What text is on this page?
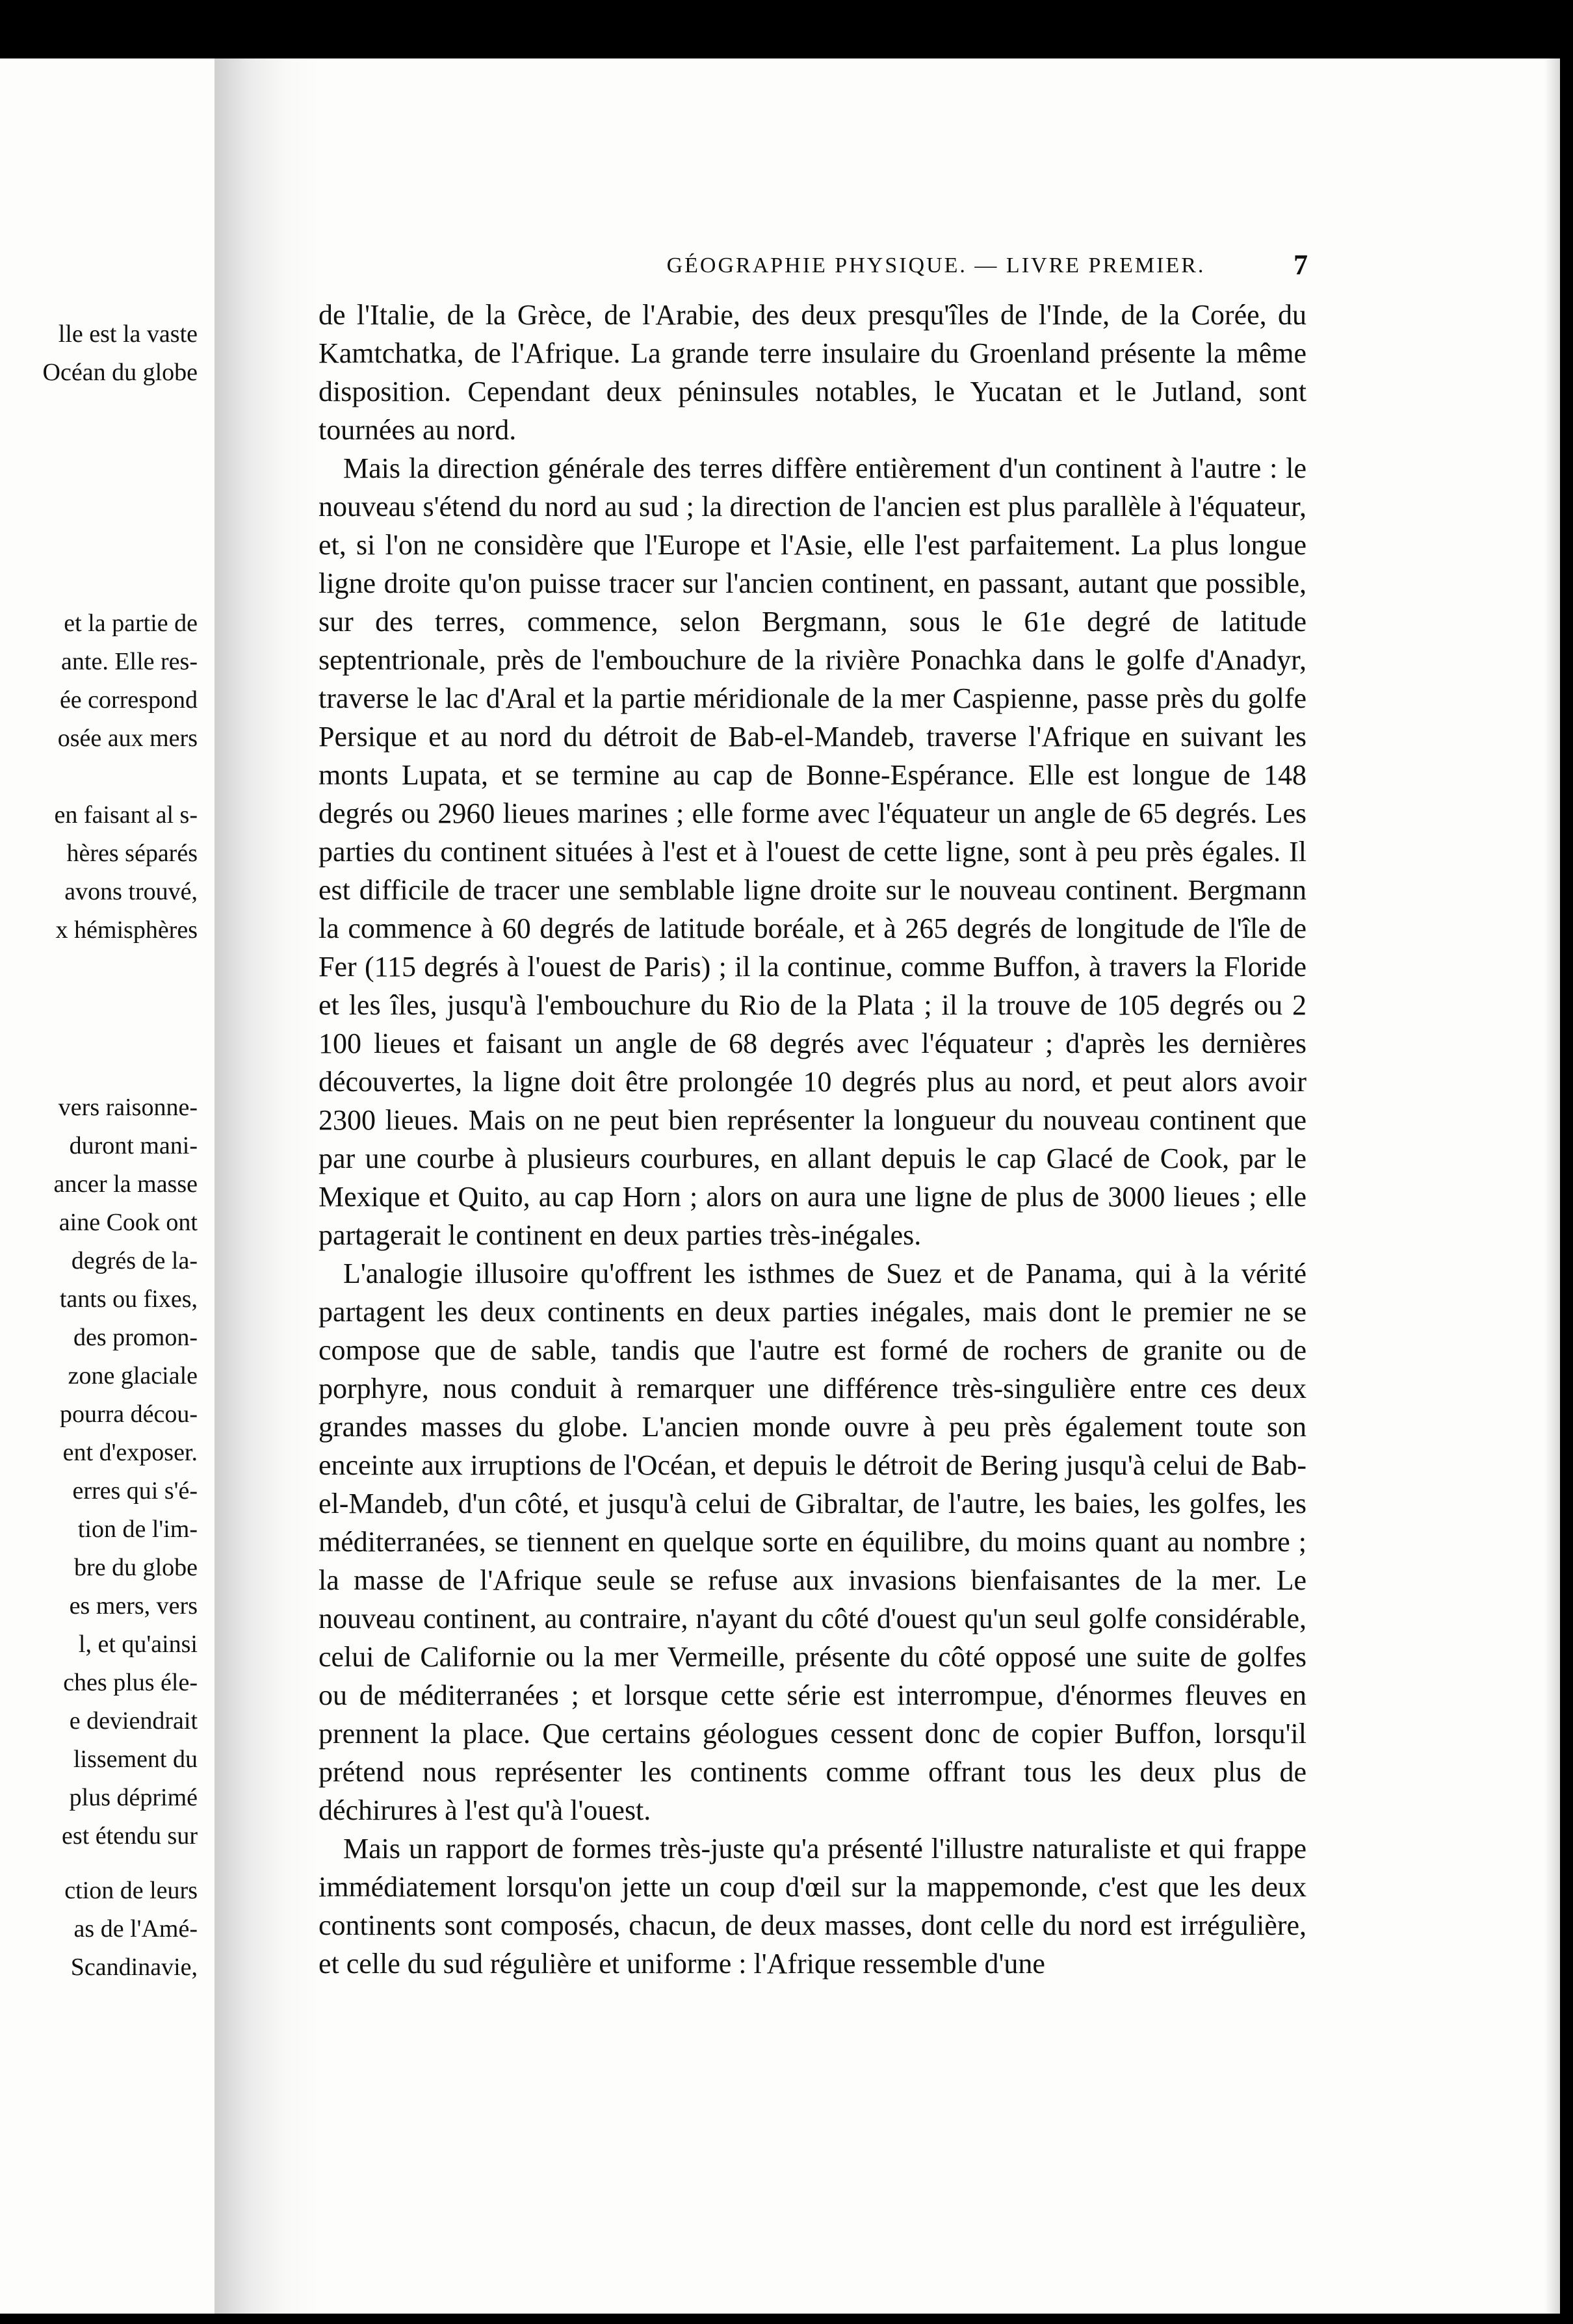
lle est la vaste
Océan du globe
et la partie de
ante. Elle res-
ée correspond
osée aux mers

en faisant al s-
hères séparés
avons trouvé,
x hémisphères
vers raisonne-
duront mani-
ancer la masse
aine Cook ont
degrés de la-
tants ou fixes,
des promon-
zone glaciale
pourra décou-
ent d'exposer.
erres qui s'é-
tion de l'im-
bre du globe
es mers, vers
l, et qu'ainsi
ches plus éle-
e deviendrait
lissement du
plus déprimé
est étendu sur
ction de leurs
as de l'Amé-
Scandinavie,
GÉOGRAPHIE PHYSIQUE. — LIVRE PREMIER.	7

de l'Italie, de la Grèce, de l'Arabie, des deux presqu'îles de l'Inde, de la Corée, du Kamtchatka, de l'Afrique. La grande terre insulaire du Groenland présente la même disposition. Cependant deux péninsules notables, le Yucatan et le Jutland, sont tournées au nord.

Mais la direction générale des terres diffère entièrement d'un continent à l'autre : le nouveau s'étend du nord au sud ; la direction de l'ancien est plus parallèle à l'équateur, et, si l'on ne considère que l'Europe et l'Asie, elle l'est parfaitement. La plus longue ligne droite qu'on puisse tracer sur l'ancien continent, en passant, autant que possible, sur des terres, commence, selon Bergmann, sous le 61e degré de latitude septentrionale, près de l'embouchure de la rivière Ponachka dans le golfe d'Anadyr, traverse le lac d'Aral et la partie méridionale de la mer Caspienne, passe près du golfe Persique et au nord du détroit de Bab-el-Mandeb, traverse l'Afrique en suivant les monts Lupata, et se termine au cap de Bonne-Espérance. Elle est longue de 148 degrés ou 2960 lieues marines ; elle forme avec l'équateur un angle de 65 degrés. Les parties du continent situées à l'est et à l'ouest de cette ligne, sont à peu près égales. Il est difficile de tracer une semblable ligne droite sur le nouveau continent. Bergmann la commence à 60 degrés de latitude boréale, et à 265 degrés de longitude de l'île de Fer (115 degrés à l'ouest de Paris) ; il la continue, comme Buffon, à travers la Floride et les îles, jusqu'à l'embouchure du Rio de la Plata ; il la trouve de 105 degrés ou 2 100 lieues et faisant un angle de 68 degrés avec l'équateur ; d'après les dernières découvertes, la ligne doit être prolongée 10 degrés plus au nord, et peut alors avoir 2300 lieues. Mais on ne peut bien représenter la longueur du nouveau continent que par une courbe à plusieurs courbures, en allant depuis le cap Glacé de Cook, par le Mexique et Quito, au cap Horn ; alors on aura une ligne de plus de 3000 lieues ; elle partagerait le continent en deux parties très-inégales.

L'analogie illusoire qu'offrent les isthmes de Suez et de Panama, qui à la vérité partagent les deux continents en deux parties inégales, mais dont le premier ne se compose que de sable, tandis que l'autre est formé de rochers de granite ou de porphyre, nous conduit à remarquer une différence très-singulière entre ces deux grandes masses du globe. L'ancien monde ouvre à peu près également toute son enceinte aux irruptions de l'Océan, et depuis le détroit de Bering jusqu'à celui de Bab-el-Mandeb, d'un côté, et jusqu'à celui de Gibraltar, de l'autre, les baies, les golfes, les méditerranées, se tiennent en quelque sorte en équilibre, du moins quant au nombre ; la masse de l'Afrique seule se refuse aux invasions bienfaisantes de la mer. Le nouveau continent, au contraire, n'ayant du côté d'ouest qu'un seul golfe considérable, celui de Californie ou la mer Vermeille, présente du côté opposé une suite de golfes ou de méditerranées ; et lorsque cette série est interrompue, d'énormes fleuves en prennent la place. Que certains géologues cessent donc de copier Buffon, lorsqu'il prétend nous représenter les continents comme offrant tous les deux plus de déchirures à l'est qu'à l'ouest.

Mais un rapport de formes très-juste qu'a présenté l'illustre naturaliste et qui frappe immédiatement lorsqu'on jette un coup d'œil sur la mappemonde, c'est que les deux continents sont composés, chacun, de deux masses, dont celle du nord est irrégulière, et celle du sud régulière et uniforme : l'Afrique ressemble d'une
